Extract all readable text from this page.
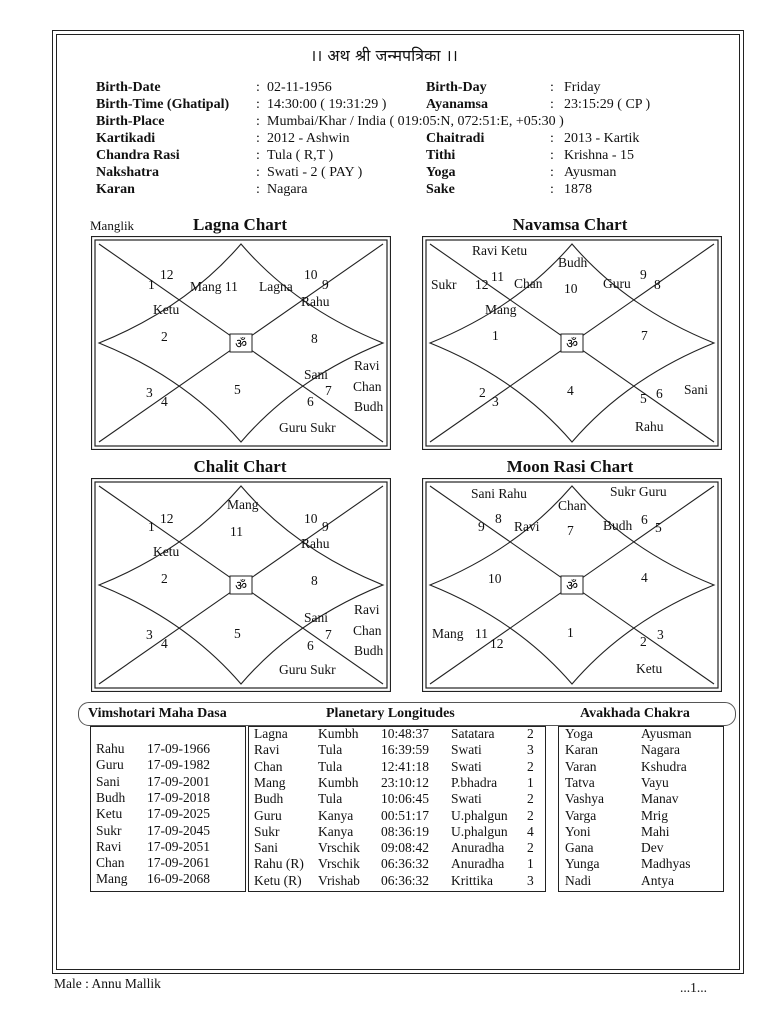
।। अथ श्री जन्मपत्रिका ।।
Birth-Date	: 02-11-1956
Birth-Time (Ghatipal) : 14:30:00 ( 19:31:29 )
Birth-Place	: Mumbai/Khar / India ( 019:05:N, 072:51:E, +05:30 )
Kartikadi	: 2012 - Ashwin
Chandra Rasi	: Tula ( R,T )
Nakshatra	: Swati - 2 ( PAY )
Karan	: Nagara
Birth-Day	: Friday
Ayanamsa	: 23:15:29 ( CP )
Chaitradi	: 2013 - Kartik
Tithi	: Krishna - 15
Yoga	: Ayusman
Sake	: 1878
Manglik	Lagna Chart	Navamsa Chart
Chalit Chart	Moon Rasi Chart
ॐ
12
1	Mang 11 Lagna
10
9
Rahu
Ketu
2	8
3
4
5
Sani
Ravi
Chan
7
6	Budh
Guru Sukr
ॐ
Ravi Ketu
Budh
11	9
Sukr 12 Chan 10 Guru 8
Mang
1	7
2
3
4
5 6 Sani
Rahu
ॐ
Mang
12
1	11
10
9
Rahu
Ketu
2	8
3
4
5
Sani
Ravi
Chan
7
6	Budh
Guru Sukr
ॐ
Sani Rahu	Sukr Guru
Chan
8
9 Ravi 7 Budh 6
5
10	4
Mang 11
12
1
2 3
Ketu
Vimshotari Maha Dasa	Planetary Longitudes	Avakhada Chakra
Rahu 17-09-1966
Guru 17-09-1982
Sani 17-09-2001
Budh 17-09-2018
Ketu 17-09-2025
Sukr 17-09-2045
Ravi 17-09-2051
Chan 17-09-2061
Mang 16-09-2068
Lagna Kumbh 10:48:37 Satatara 2
Ravi	Tula	16:39:59 Swati	3
Chan	Tula	12:41:18 Swati	2
Mang Kumbh 23:10:12 P.bhadra 1
Budh	Tula	10:06:45 Swati	2
Guru	Kanya 00:51:17 U.phalgun 2
Sukr	Kanya 08:36:19 U.phalgun 4
Sani	Vrschik 09:08:42 Anuradha 2
Rahu (R) Vrschik 06:36:32 Anuradha 1
Ketu (R) Vrishab 06:36:32 Krittika	3
Yoga	Ayusman
Karan	Nagara
Varan	Kshudra
Tatva	Vayu
Vashya	Manav
Varga	Mrig
Yoni	Mahi
Gana	Dev
Yunga	Madhyas
Nadi	Antya
Male : Annu Mallik	...1...
